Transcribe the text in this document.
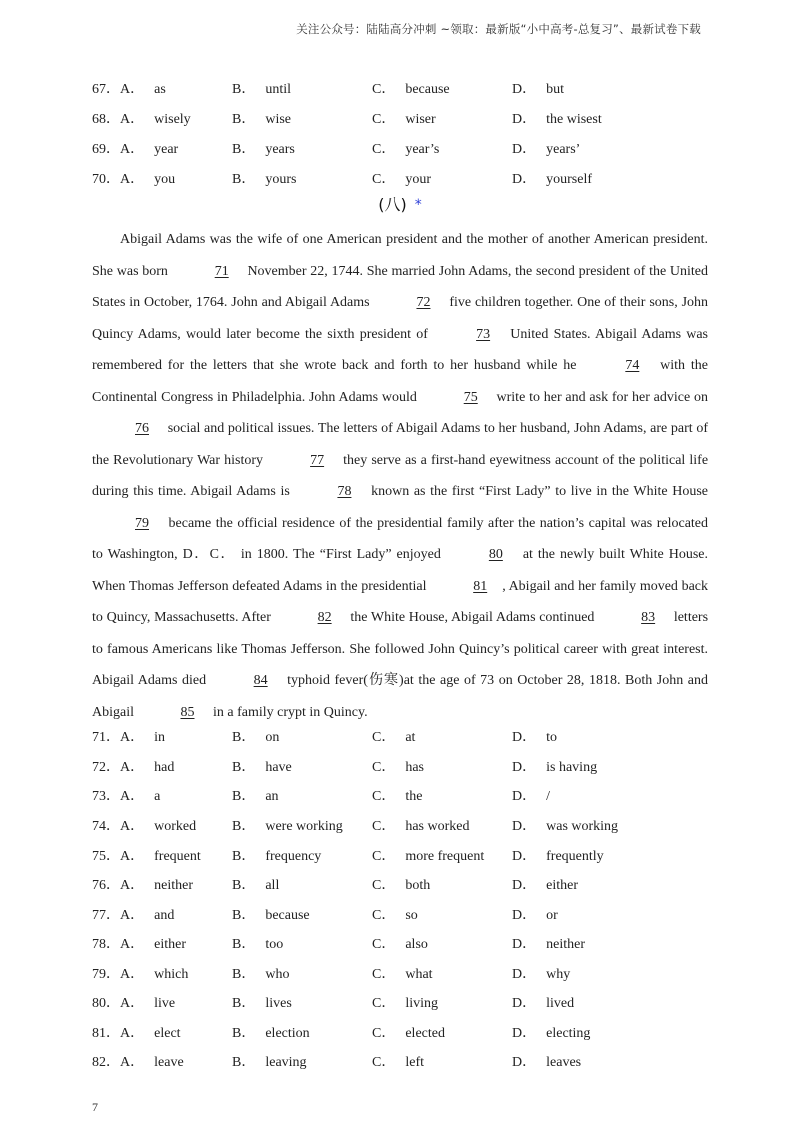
关注公众号：陆陆高分冲刺 ~领取：最新版“小中高考-总复习”、最新试卷下载
67． A． as	B． until	C． because	D． but
68． A． wisely	B． wise	C． wiser	D． the wisest
69． A． year	B． years	C． year’s	D． years’
70． A． you	B． yours	C． your	D． yourself
(八) *

Abigail Adams was the wife of one American president and the mother of another American president. She was born	71 November 22, 1744. She married John Adams, the second president of the United States in October, 1764. John and Abigail Adams	72 five children together. One of their sons, John Quincy Adams, would later become the sixth president of	73 United States. Abigail Adams was remembered for the letters that she wrote back and forth to her husband while he	74 with the Continental Congress in Philadelphia. John Adams would	75 write to her and ask for her advice on 76 social and political issues. The letters of Abigail Adams to her husband, John Adams, are part of the Revolutionary War history	77 they serve as a first-hand eyewitness account of the political life during this time. Abigail Adams is	78 known as the first “First Lady” to live in the White House 79 became the official residence of the presidential family after the nation’s capital was relocated to Washington, D．C． in 1800. The “First Lady” enjoyed	80 at the newly built White House. When Thomas Jefferson defeated Adams in the presidential	81 , Abigail and her family moved back to Quincy, Massachusetts. After	82 the White House, Abigail Adams continued	83 letters to famous Americans like Thomas Jefferson. She followed John Quincy’s political career with great interest. Abigail Adams died	84 typhoid fever(伤寒)at the age of 73 on October 28, 1818. Both John and Abigail	85 in a family crypt in Quincy.

71． A． in	B． on	C． at	D． to
72． A． had	B． have	C． has	D． is having
73． A． a	B． an	C． the	D． /
74． A． worked	B． were working C． has worked	D． was working
75． A． frequent B． frequency	C． more frequent D． frequently
76． A． neither	B． all	C． both	D． either
77． A． and	B． because	C． so	D． or
78． A． either	B． too	C． also	D． neither
79． A． which	B． who	C． what	D． why
80． A． live	B． lives	C． living	D． lived
81． A． elect	B． election	C． elected	D． electing
82． A． leave	B． leaving	C． left	D． leaves
7
